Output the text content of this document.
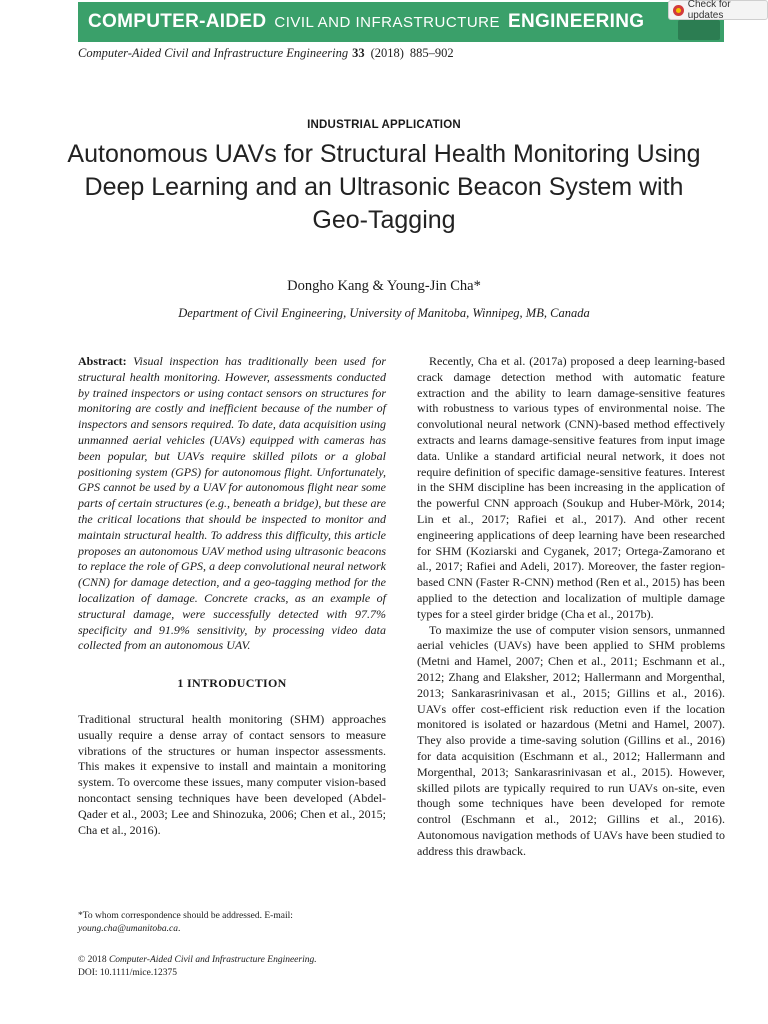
COMPUTER-AIDED CIVIL AND INFRASTRUCTURE ENGINEERING
Check for updates
Computer-Aided Civil and Infrastructure Engineering 33 (2018) 885–902
INDUSTRIAL APPLICATION
Autonomous UAVs for Structural Health Monitoring Using Deep Learning and an Ultrasonic Beacon System with Geo-Tagging
Dongho Kang & Young-Jin Cha*
Department of Civil Engineering, University of Manitoba, Winnipeg, MB, Canada

Abstract: Visual inspection has traditionally been used for structural health monitoring. However, assessments conducted by trained inspectors or using contact sensors on structures for monitoring are costly and inefficient because of the number of inspectors and sensors required. To date, data acquisition using unmanned aerial vehicles (UAVs) equipped with cameras has been popular, but UAVs require skilled pilots or a global positioning system (GPS) for autonomous flight. Unfortunately, GPS cannot be used by a UAV for autonomous flight near some parts of certain structures (e.g., beneath a bridge), but these are the critical locations that should be inspected to monitor and maintain structural health. To address this difficulty, this article proposes an autonomous UAV method using ultrasonic beacons to replace the role of GPS, a deep convolutional neural network (CNN) for damage detection, and a geo-tagging method for the localization of damage. Concrete cracks, as an example of structural damage, were successfully detected with 97.7% specificity and 91.9% sensitivity, by processing video data collected from an autonomous UAV.

1 INTRODUCTION

Traditional structural health monitoring (SHM) approaches usually require a dense array of contact sensors to measure vibrations of the structures or human inspector assessments. This makes it expensive to install and maintain a monitoring system. To overcome these issues, many computer vision-based noncontact sensing techniques have been developed (Abdel-Qader et al., 2003; Lee and Shinozuka, 2006; Chen et al., 2015; Cha et al., 2016).

*To whom correspondence should be addressed. E-mail: young.cha@umanitoba.ca.
© 2018 Computer-Aided Civil and Infrastructure Engineering.
DOI: 10.1111/mice.12375

Recently, Cha et al. (2017a) proposed a deep learning-based crack damage detection method with automatic feature extraction and the ability to learn damage-sensitive features with robustness to various types of environmental noise. The convolutional neural network (CNN)-based method effectively extracts and learns damage-sensitive features from input image data. Unlike a standard artificial neural network, it does not require definition of specific damage-sensitive features. Interest in the SHM discipline has been increasing in the application of the powerful CNN approach (Soukup and Huber-Mörk, 2014; Lin et al., 2017; Rafiei et al., 2017). And other recent engineering applications of deep learning have been researched for SHM (Koziarski and Cyganek, 2017; Ortega-Zamorano et al., 2017; Rafiei and Adeli, 2017). Moreover, the faster region-based CNN (Faster R-CNN) method (Ren et al., 2015) has been applied to the detection and localization of multiple damage types for a steel girder bridge (Cha et al., 2017b).

To maximize the use of computer vision sensors, unmanned aerial vehicles (UAVs) have been applied to SHM problems (Metni and Hamel, 2007; Chen et al., 2011; Eschmann et al., 2012; Zhang and Elaksher, 2012; Hallermann and Morgenthal, 2013; Sankarasrinivasan et al., 2015; Gillins et al., 2016). UAVs offer cost-efficient risk reduction even if the location monitored is isolated or hazardous (Metni and Hamel, 2007). They also provide a time-saving solution (Gillins et al., 2016) for data acquisition (Eschmann et al., 2012; Hallermann and Morgenthal, 2013; Sankarasrinivasan et al., 2015). However, skilled pilots are typically required to run UAVs on-site, even though some techniques have been developed for remote control (Eschmann et al., 2012; Gillins et al., 2016). Autonomous navigation methods of UAVs have been studied to address this drawback.
